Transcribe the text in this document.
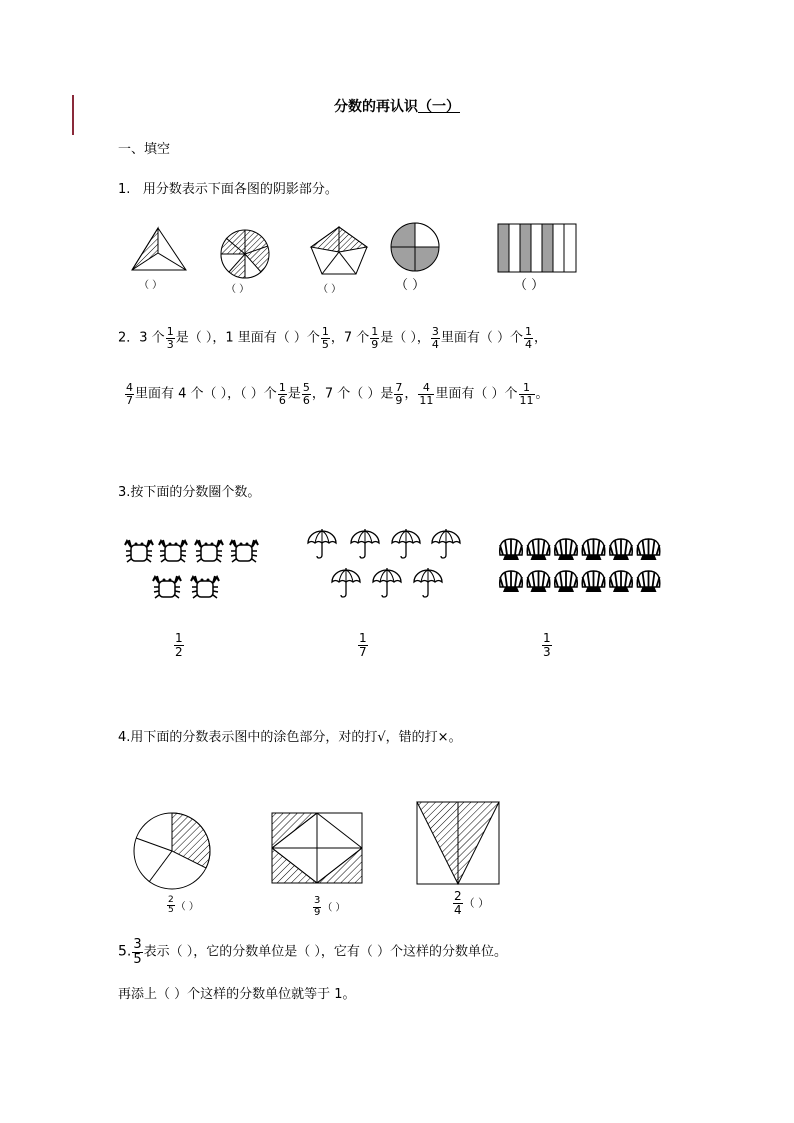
分数的再认识（一）
一、填空
1. 用分数表示下面各图的阴影部分。
（ ）	（ ）	（ ）	（ ）	（ ）
2．3 个 $\frac{1}{3}$ 是（ ），1 里面有（ ）个 $\frac{1}{5}$ ，7 个 $\frac{1}{9}$ 是（ ）， $\frac{3}{4}$ 里面有（ ）个 $\frac{1}{4}$ ，
$\frac{4}{7}$ 里面有 4 个（ ），（ ）个 $\frac{1}{6}$ 是 $\frac{5}{6}$ ，7 个（ ）是 $\frac{7}{9}$ ， $\frac{4}{11}$ 里面有（ ）个 $\frac{1}{11}$ 。
3.按下面的分数圈个数。
$\frac{1}{2}$	$\frac{1}{7}$	$\frac{1}{3}$
4.用下面的分数表示图中的涂色部分，对的打√，错的打×。
$\frac{2}{5}$ （ ）	$\frac{3}{9}$ （ ）	$\frac{2}{4}$ （ ）
5. $\frac{3}{5}$ 表示（ ），它的分数单位是（ ），它有（ ）个这样的分数单位。
再添上（ ）个这样的分数单位就等于 1。
